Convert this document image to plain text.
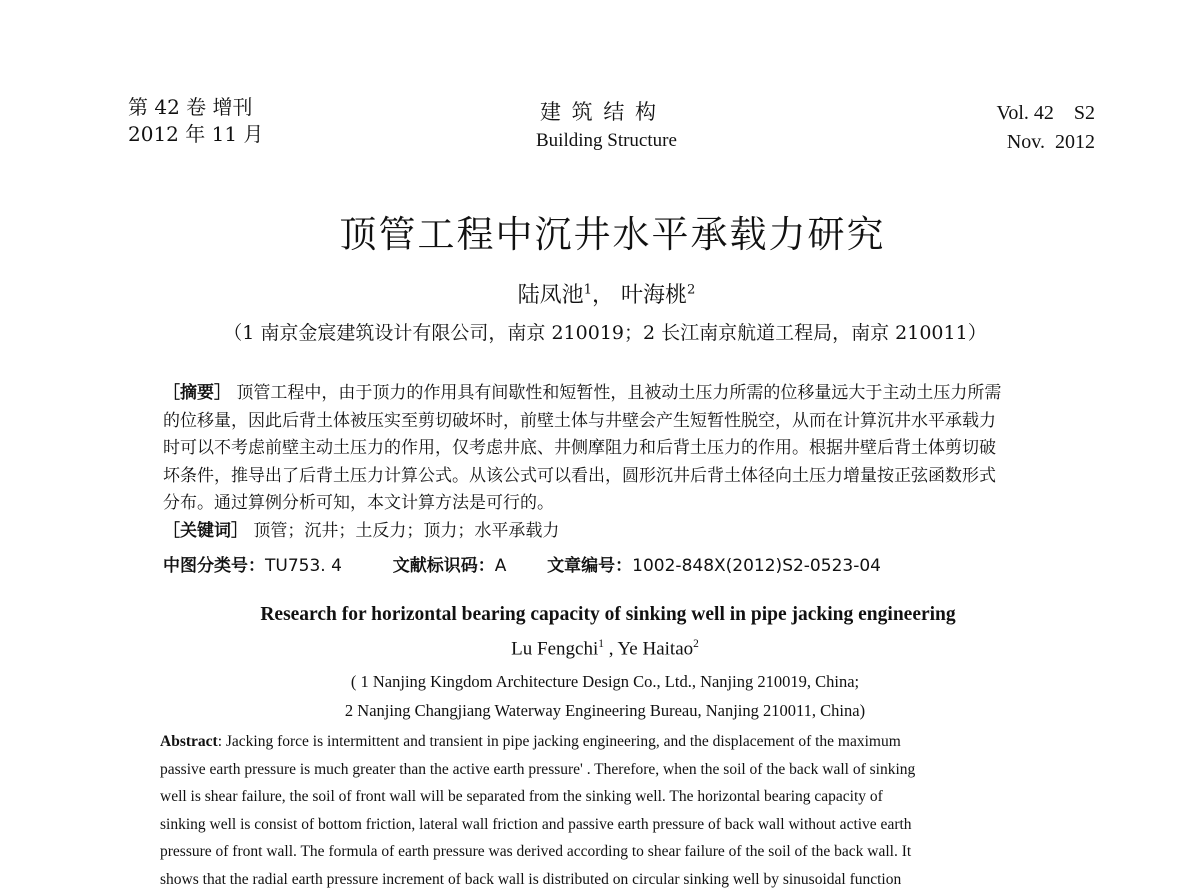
第 42 卷 增刊
2012 年 11 月
建 筑 结 构
Building Structure
Vol. 42    S2
Nov.  2012
顶管工程中沉井水平承载力研究
陆凤池$^1$， 叶海桃$^2$
（1 南京金宸建筑设计有限公司，南京 210019；2 长江南京航道工程局，南京 210011）
［摘要］ 顶管工程中，由于顶力的作用具有间歇性和短暂性，且被动土压力所需的位移量远大于主动土压力所需
的位移量，因此后背土体被压实至剪切破坏时，前壁土体与井壁会产生短暂性脱空，从而在计算沉井水平承载力
时可以不考虑前壁主动土压力的作用，仅考虑井底、井侧摩阻力和后背土压力的作用。根据井壁后背土体剪切破
坏条件，推导出了后背土压力计算公式。从该公式可以看出，圆形沉井后背土体径向土压力增量按正弦函数形式
分布。通过算例分析可知，本文计算方法是可行的。
［关键词］ 顶管；沉井；土反力；顶力；水平承载力
中图分类号：TU753. 4	文献标识码：A 文章编号：1002-848X(2012)S2-0523-04
Research for horizontal bearing capacity of sinking well in pipe jacking engineering
Lu Fengchi$^1$ , Ye Haitao$^2$
( 1 Nanjing Kingdom Architecture Design Co., Ltd., Nanjing 210019, China;
2 Nanjing Changjiang Waterway Engineering Bureau, Nanjing 210011, China)
Abstract: Jacking force is intermittent and transient in pipe jacking engineering, and the displacement of the maximum
passive earth pressure is much greater than the active earth pressure' . Therefore, when the soil of the back wall of sinking
well is shear failure, the soil of front wall will be separated from the sinking well. The horizontal bearing capacity of
sinking well is consist of bottom friction, lateral wall friction and passive earth pressure of back wall without active earth
pressure of front wall. The formula of earth pressure was derived according to shear failure of the soil of the back wall. It
shows that the radial earth pressure increment of back wall is distributed on circular sinking well by sinusoidal function
